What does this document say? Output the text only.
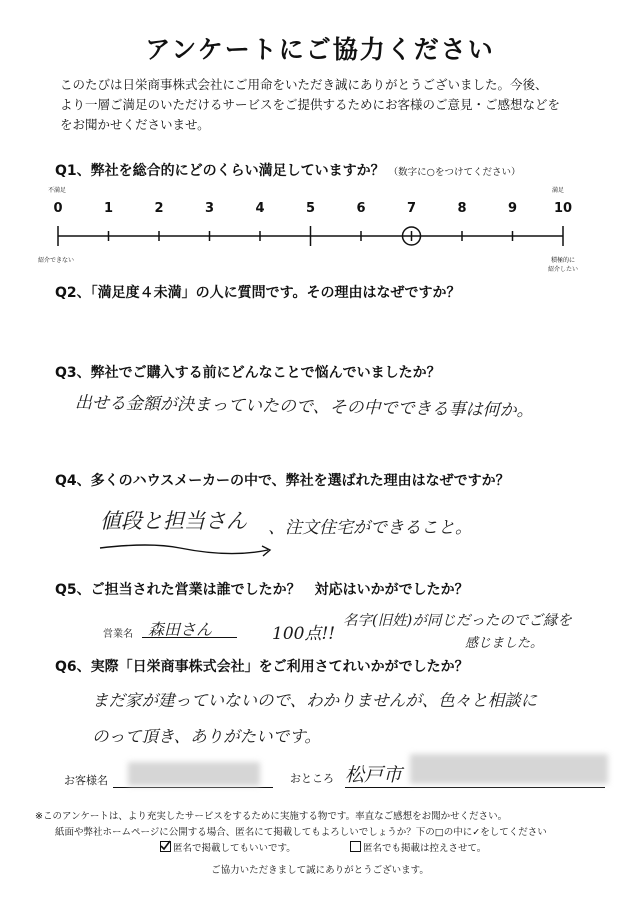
アンケートにご協力ください
このたびは日栄商事株式会社にご用命をいただき誠にありがとうございました。今後、
より一層ご満足のいただけるサービスをご提供するためにお客様のご意見・ご感想などを
をお聞かせくださいませ。
Q1、弊社を総合的にどのくらい満足していますか？ （数字に○をつけてください）
不満足	満足
0	1	2	3	4	5	6	7	8	9	10
紹介できない	積極的に
紹介したい
Q2、「満足度４未満」の人に質問です。その理由はなぜですか？
Q3、弊社でご購入する前にどんなことで悩んでいましたか？
出せる金額が決まっていたので、その中でできる事は何か。
Q4、多くのハウスメーカーの中で、弊社を選ばれた理由はなぜですか？
値段と担当さん 、注文住宅ができること。
Q5、ご担当された営業は誰でしたか？　対応はいかがでしたか？
営業名 森田さん	100点!!
名字(旧姓)が同じだったのでご縁を
感じました。
Q6、実際「日栄商事株式会社」をご利用さてれいかがでしたか？
まだ家が建っていないので、わかりませんが、色々と相談に
のって頂き、ありがたいです。
お客様名	おところ 松戸市
※このアンケートは、より充実したサービスをするために実施する物です。率直なご感想をお聞かせください。
紙面や弊社ホームページに公開する場合、匿名にて掲載してもよろしいでしょうか？下の□の中に✓をしてください
匿名で掲載してもいいです。	匿名でも掲載は控えさせて。
ご協力いただきまして誠にありがとうございます。
